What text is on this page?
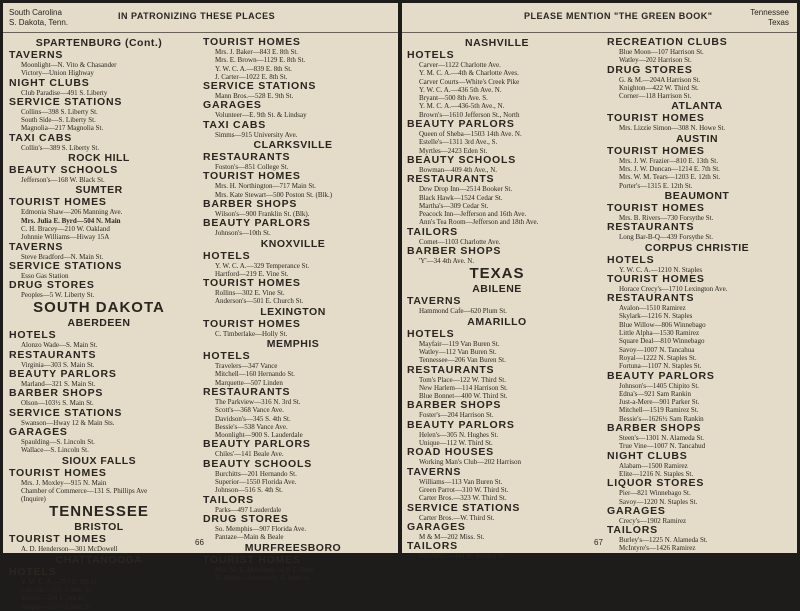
South Carolina
S. Dakota, Tenn.
IN PATRONIZING THESE PLACES
SPARTENBURG (Cont.)
TAVERNS
Moonlight—N. Vito & Chasander
Victory—Union Highway
NIGHT CLUBS
Club Paradise—491 S. Liberty
SERVICE STATIONS
Collins—398 S. Liberty St.
South Side—S. Liberty St.
Magnolia—217 Magnolia St.
TAXI CABS
Collin's—389 S. Liberty St.
ROCK HILL
BEAUTY SCHOOLS
Jefferson's—168 W. Black St.
SUMTER
TOURIST HOMES
Edmonia Shaw—206 Manning Ave.
Mrs. Julia E. Byrd—504 N. Main
C. H. Bracey—210 W. Oakland
Johnnie Williams—Hiway 15A
TAVERNS
Steve Bradford—N. Main St.
SERVICE STATIONS
Esso Gas Station
DRUG STORES
Peoples—5 W. Liberty St.
SOUTH DAKOTA
ABERDEEN
HOTELS
Alonzo Wade—S. Main St.
RESTAURANTS
Virginia—303 S. Main St.
BEAUTY PARLORS
Marland—321 S. Main St.
BARBER SHOPS
Olson—103½ S. Main St.
SERVICE STATIONS
Swanson—Hway 12 & Main Sts.
GARAGES
Spaulding—S. Lincoln St.
Wallace—S. Lincoln St.
SIOUX FALLS
TOURIST HOMES
Mrs. J. Moxley—915 N. Main
Chamber of Commerce—131 S. Phillips Ave
(Inquire)
TENNESSEE
BRISTOL
TOURIST HOMES
A. D. Henderson—301 McDowell
CHATTANOOGA
HOTELS
Y. M. C. A.—793 E. 9th St.
Lincoln—1101 Carter St.
Martin—204 E. 9th St.
Peoples—1104 Carter St.
TOURIST HOMES
Mrs. J. Baker—843 E. 8th St.
Mrs. E. Brown—1129 E. 8th St.
Y. W. C. A.—839 E. 8th St.
J. Carter—1022 E. 8th St.
SERVICE STATIONS
Mann Bros.—528 E. 9th St.
GARAGES
Volunteer—E. 9th St. & Lindsay
TAXI CABS
Simms—915 University Ave.
CLARKSVILLE
RESTAURANTS
Foston's—851 College St.
TOURIST HOMES
Mrs. H. Northington—717 Main St.
Mrs. Kate Stewart—500 Poston St. (Blk.)
BARBER SHOPS
Wilson's—900 Franklin St. (Blk).
BEAUTY PARLORS
Johnson's—10th St.
KNOXVILLE
HOTELS
Y. W. C. A.—329 Temperance St.
Hartford—219 E. Vine St.
TOURIST HOMES
Rollins—302 E. Vine St.
Anderson's—501 E. Church St.
LEXINGTON
TOURIST HOMES
C. Timberlake—Holly St.
MEMPHIS
HOTELS
Travelers—347 Vance
Mitchell—160 Hernando St.
Marquette—507 Linden
RESTAURANTS
The Parkview—316 N. 3rd St.
Scott's—368 Vance Ave.
Davidson's—345 S. 4th St.
Bessie's—538 Vance Ave.
Moonlight—900 S. Lauderdale
BEAUTY PARLORS
Chiles'—141 Beale Ave.
BEAUTY SCHOOLS
Burchitts—201 Hernando St.
Superior—1550 Florida Ave.
Johnson—516 S. 4th St.
TAILORS
Parks—497 Lauderdale
DRUG STORES
So. Memphis—907 Florida Ave.
Pantaze—Main & Beale
MURFREESBORO
TOURIST HOMES
Mrs. M. E. Howland—439 E. State
R. Moore—University & State St.
66
PLEASE MENTION "THE GREEN BOOK"	Tennessee
Texas
NASHVILLE
HOTELS
Carver—1122 Charlotte Ave.
Y. M. C. A.—4th & Charlotte Aves.
Carver Courts—White's Creek Pike
Y. W. C. A.—436 5th Ave. N.
Bryant—500 8th Ave. S.
Y. M. C. A.—436-5th Ave., N.
Brown's—1610 Jefferson St., North
BEAUTY PARLORS
Queen of Sheba—1503 14th Ave. N.
Estelle's—1311 3rd Ave., S.
Myrtles—2423 Eden St.
BEAUTY SCHOOLS
Bowman—409 4th Ave., N.
RESTAURANTS
Dew Drop Inn—2514 Booker St.
Black Hawk—1524 Cedar St.
Martha's—309 Cedar St.
Peacock Inn—Jefferson and 16th Ave.
Ann's Tea Room—Jefferson and 18th Ave.
TAILORS
Comet—1103 Charlotte Ave.
BARBER SHOPS
'Y'—34 4th Ave. N.
TEXAS
ABILENE
TAVERNS
Hammond Cafe—620 Plum St.
AMARILLO
HOTELS
Mayfair—119 Van Buren St.
Watley—112 Van Buren St.
Tennessee—206 Van Buren St.
RESTAURANTS
Tom's Place—122 W. Third St.
New Harlem—114 Harrison St.
Blue Bonnet—400 W. Third St.
BARBER SHOPS
Foster's—204 Harrison St.
BEAUTY PARLORS
Helen's—305 N. Hughes St.
Unique—112 W. Third St.
ROAD HOUSES
Working Man's Club—202 Harrison
TAVERNS
Williams—113 Van Buren St.
Green Parrot—310 W. Third St.
Carter Bros.—323 W. Third St.
SERVICE STATIONS
Carter Bros.—W. Third St.
GARAGES
M & M—202 Miss. St.
TAILORS
Mitchell's—314 W. Second St.
RECREATION CLUBS
Blue Moon—107 Harrison St.
Watley—202 Harrison St.
DRUG STORES
G. & M.—204A Harrison St.
Knighton—422 W. Third St.
Corner—118 Harrison St.
ATLANTA
TOURIST HOMES
Mrs. Lizzie Simon—308 N. Howe St.
AUSTIN
TOURIST HOMES
Mrs. J. W. Frazier—810 E. 13th St.
Mrs. J. W. Duncan—1214 E. 7th St.
Mrs. W. M. Tears—1203 E. 12th St.
Porter's—1315 E. 12th St.
BEAUMONT
TOURIST HOMES
Mrs. B. Rivers—730 Forsythe St.
RESTAURANTS
Long Bar-B-Q—439 Forsythe St.
CORPUS CHRISTIE
HOTELS
Y. W. C. A.—1210 N. Staples
TOURIST HOMES
Horace Crecy's—1710 Lexington Ave.
RESTAURANTS
Avalon—1510 Ramirez
Skylark—1216 N. Staples
Blue Willow—806 Winnebago
Little Alpha—1530 Ramirez
Square Deal—810 Winnebago
Savoy—1007 N. Tancahua
Royal—1222 N. Staples St.
Fortuna—1107 N. Staples St.
BEAUTY PARLORS
Johnson's—1405 Chipito St.
Edna's—921 Sam Rankin
Just-a-Mere—901 Parker St.
Mitchell—1519 Ramirez St.
Bessie's—1626½ Sam Rankin
BARBER SHOPS
Steen's—1301 N. Alameda St.
True Vine—1007 N. Tancahud
NIGHT CLUBS
Alabam—1500 Ramirez
Elite—1216 N. Staples St.
LIQUOR STORES
Pier—821 Winnebago St.
Savoy—1220 N. Staples St.
GARAGES
Crecy's—1902 Ramirez
TAILORS
Burley's—1225 N. Alameda St.
McIntyre's—1426 Ramirez
67
